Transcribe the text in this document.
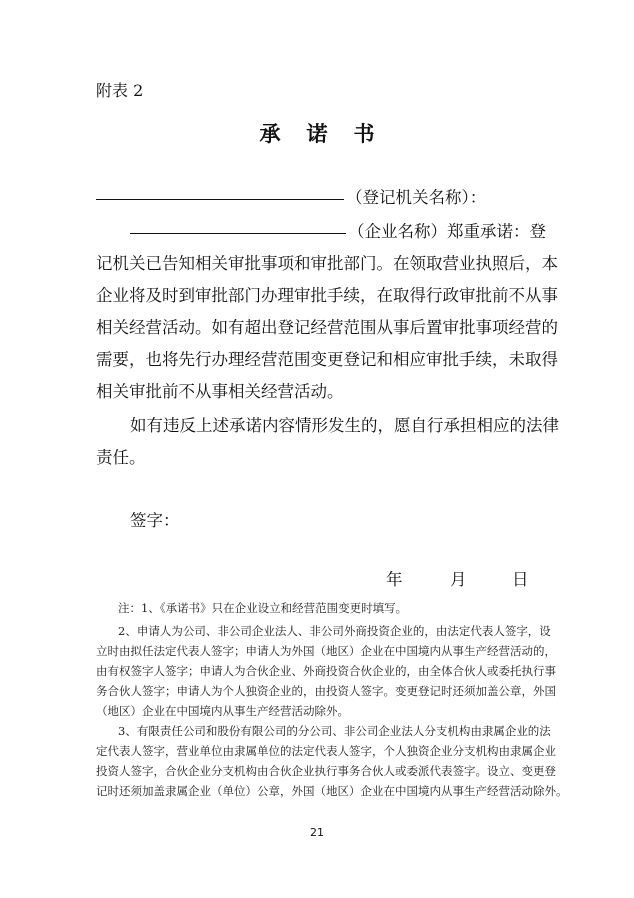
附表 2
承诺书
（登记机关名称）：
（企业名称）郑重承诺：登
记机关已告知相关审批事项和审批部门。在领取营业执照后，本
企业将及时到审批部门办理审批手续，在取得行政审批前不从事
相关经营活动。如有超出登记经营范围从事后置审批事项经营的
需要，也将先行办理经营范围变更登记和相应审批手续，未取得
相关审批前不从事相关经营活动。
如有违反上述承诺内容情形发生的，愿自行承担相应的法律
责任。
签字：
年	月	日
注：1、《承诺书》只在企业设立和经营范围变更时填写。
2、申请人为公司、非公司企业法人、非公司外商投资企业的，由法定代表人签字，设
立时由拟任法定代表人签字；申请人为外国（地区）企业在中国境内从事生产经营活动的，
由有权签字人签字；申请人为合伙企业、外商投资合伙企业的，由全体合伙人或委托执行事
务合伙人签字；申请人为个人独资企业的，由投资人签字。变更登记时还须加盖公章，外国
（地区）企业在中国境内从事生产经营活动除外。
3、有限责任公司和股份有限公司的分公司、非公司企业法人分支机构由隶属企业的法
定代表人签字，营业单位由隶属单位的法定代表人签字，个人独资企业分支机构由隶属企业
投资人签字，合伙企业分支机构由合伙企业执行事务合伙人或委派代表签字。设立、变更登
记时还须加盖隶属企业（单位）公章，外国（地区）企业在中国境内从事生产经营活动除外。
21
